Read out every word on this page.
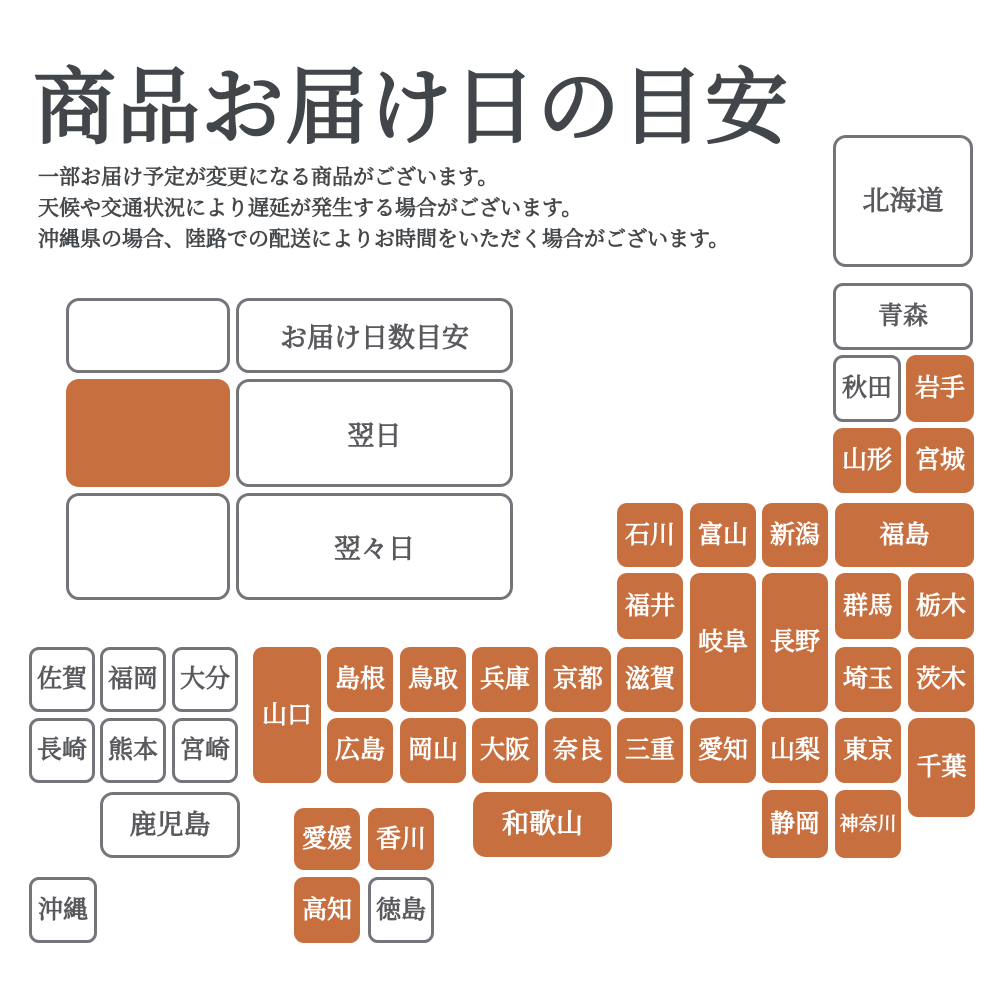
商品お届け日の目安
一部お届け予定が変更になる商品がございます。
天候や交通状況により遅延が発生する場合がございます。
沖縄県の場合、陸路での配送によりお時間をいただく場合がございます。
お届け日数目安
翌日
翌々日
北海道
青森
秋田 岩手
山形 宮城
石川 富山 新潟	福島
福井
岐阜 長野
群馬 栃木
滋賀	埼玉 茨木
佐賀 福岡 大分
山口
島根 鳥取 兵庫 京都
長崎 熊本 宮崎	広島 岡山 大阪 奈良 三重 愛知 山梨 東京
千葉
鹿児島	和歌山	静岡	神奈川
愛媛 香川
沖縄	高知 徳島
